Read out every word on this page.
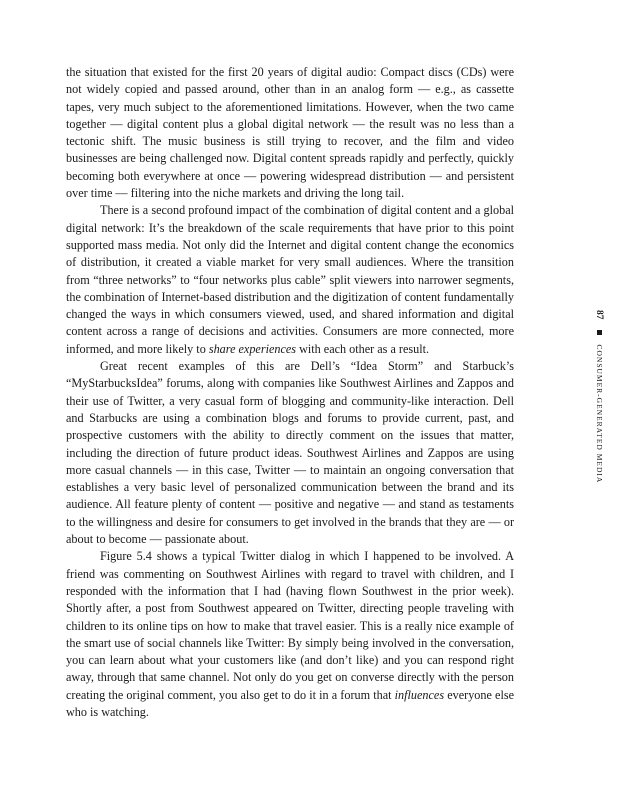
the situation that existed for the first 20 years of digital audio: Compact discs (CDs) were not widely copied and passed around, other than in an analog form — e.g., as cassette tapes, very much subject to the aforementioned limitations. However, when the two came together — digital content plus a global digital network — the result was no less than a tectonic shift. The music business is still trying to recover, and the film and video businesses are being challenged now. Digital content spreads rapidly and perfectly, quickly becoming both everywhere at once — powering widespread distribution — and persistent over time — filtering into the niche markets and driving the long tail.

There is a second profound impact of the combination of digital content and a global digital network: It’s the breakdown of the scale requirements that have prior to this point supported mass media. Not only did the Internet and digital content change the economics of distribution, it created a viable market for very small audiences. Where the transition from “three networks” to “four networks plus cable” split viewers into narrower segments, the combination of Internet-based distribution and the digitization of content fundamentally changed the ways in which consumers viewed, used, and shared information and digital content across a range of decisions and activities. Consumers are more connected, more informed, and more likely to share experiences with each other as a result.

Great recent examples of this are Dell’s “Idea Storm” and Starbuck’s “MyStarbucksIdea” forums, along with companies like Southwest Airlines and Zappos and their use of Twitter, a very casual form of blogging and community-like interaction. Dell and Starbucks are using a combination blogs and forums to provide current, past, and prospective customers with the ability to directly comment on the issues that matter, including the direction of future product ideas. Southwest Airlines and Zappos are using more casual channels — in this case, Twitter — to maintain an ongoing conversation that establishes a very basic level of personalized communication between the brand and its audience. All feature plenty of content — positive and negative — and stand as testaments to the willingness and desire for consumers to get involved in the brands that they are — or about to become — passionate about.

Figure 5.4 shows a typical Twitter dialog in which I happened to be involved. A friend was commenting on Southwest Airlines with regard to travel with children, and I responded with the information that I had (having flown Southwest in the prior week). Shortly after, a post from Southwest appeared on Twitter, directing people traveling with children to its online tips on how to make that travel easier. This is a really nice example of the smart use of social channels like Twitter: By simply being involved in the conversation, you can learn about what your customers like (and don’t like) and you can respond right away, through that same channel. Not only do you get on converse directly with the person creating the original comment, you also get to do it in a forum that influences everyone else who is watching.

87  CONSUMER-GENERATED MEDIA
